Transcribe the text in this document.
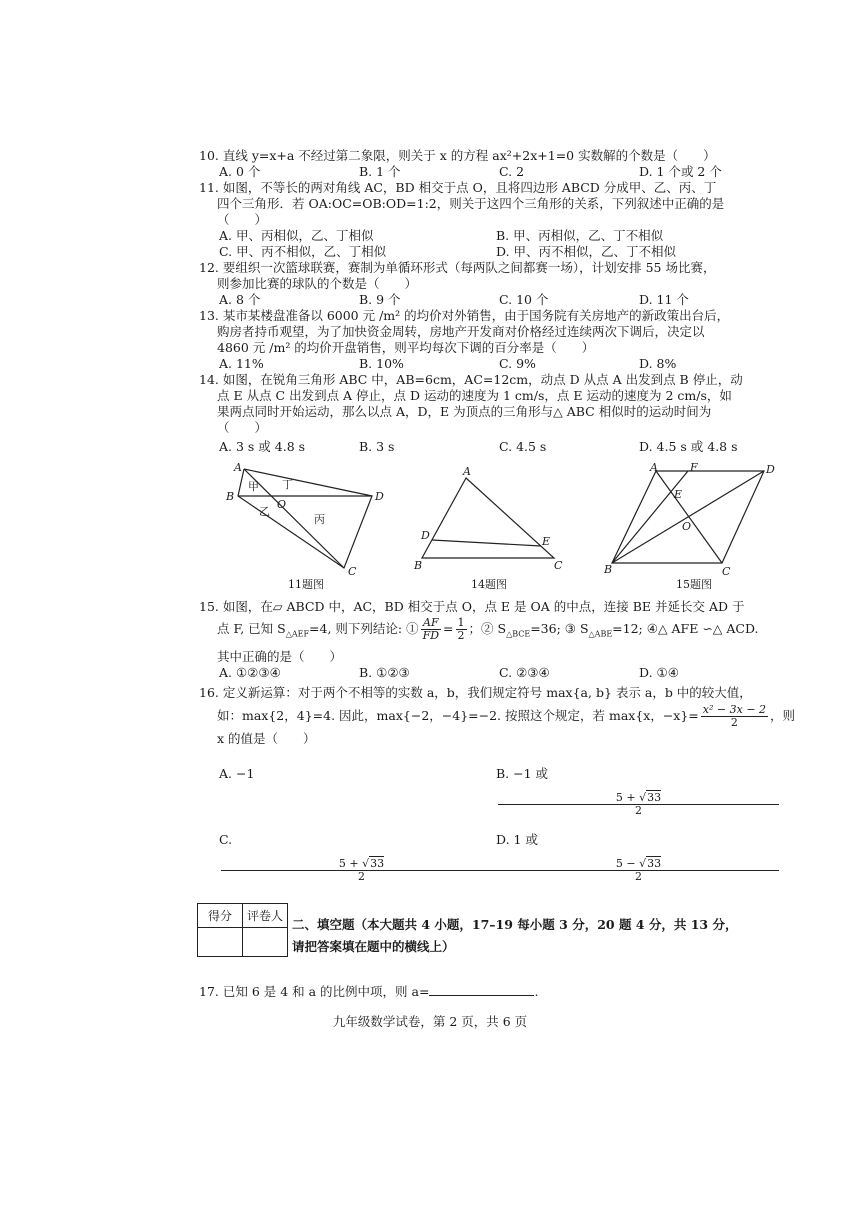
10. 直线 y=x+a 不经过第二象限，则关于 x 的方程 ax²+2x+1=0 实数解的个数是（　　）

A. 0 个	B. 1 个	C. 2	D. 1 个或 2 个

11. 如图，不等长的两对角线 AC，BD 相交于点 O，且将四边形 ABCD 分成甲、乙、丙、丁

四个三角形．若 OA:OC=OB:OD=1:2，则关于这四个三角形的关系，下列叙述中正确的是

（　　）

A. 甲、丙相似，乙、丁相似	B. 甲、丙相似，乙、丁不相似
C. 甲、丙不相似，乙、丁相似	D. 甲、丙不相似，乙、丁不相似

12. 要组织一次篮球联赛，赛制为单循环形式（每两队之间都赛一场），计划安排 55 场比赛，

则参加比赛的球队的个数是（　　）

A. 8 个	B. 9 个	C. 10 个	D. 11 个

13. 某市某楼盘准备以 6000 元 /m² 的均价对外销售，由于国务院有关房地产的新政策出台后，

购房者持币观望，为了加快资金周转，房地产开发商对价格经过连续两次下调后，决定以

4860 元 /m² 的均价开盘销售，则平均每次下调的百分率是（　　）

A. 11%	B. 10%	C. 9%	D. 8%

14. 如图，在锐角三角形 ABC 中，AB=6cm，AC=12cm，动点 D 从点 A 出发到点 B 停止，动

点 E 从点 C 出发到点 A 停止，点 D 运动的速度为 1 cm/s，点 E 运动的速度为 2 cm/s，如

果两点同时开始运动，那么以点 A，D，E 为顶点的三角形与△ ABC 相似时的运动时间为

（　　）

A. 3 s 或 4.8 s	B. 3 s	C. 4.5 s	D. 4.5 s 或 4.8 s
A
B
C
D
O
甲
乙
丙
丁
11题图
A
B	C
D	E
14题图
A
B	C
D
E
F
O
15题图

15. 如图，在▱ ABCD 中，AC，BD 相交于点 O，点 E 是 OA 的中点，连接 BE 并延长交 AD 于

点 F, 已知 $S_{\triangle AEF}=4$, 则下列结论: ① $\frac{AF}{FD} = \frac{1}{2}$ ；② $S_{\triangle BCE}=36$; ③ $S_{\triangle ABE}=12$; ④△ AFE ∽△ ACD.

其中正确的是（　　）

A. ①②③④	B. ①②③	C. ②③④	D. ①④

16. 定义新运算：对于两个不相等的实数 a，b，我们规定符号 max{a, b} 表示 a，b 中的较大值，

如：max{2，4}=4. 因此，max{−2，−4}=−2. 按照这个规定，若 max{x，$-x\}= \frac{\text{x² − 3x − 2}}{2}$ ，则

x 的值是（　　）

A. −1	B. −1 或
$\frac{5 + √33}{2}$
C.
$\frac{5 + √33}{2}$
D. 1 或
$\frac{5 - √33}{2}$
得分	评卷人

二、填空题（本大题共 4 小题，17–19 每小题 3 分，20 题 4 分，共 13 分，
请把答案填在题中的横线上）
17. 已知 6 是 4 和 a 的比例中项，则 a=	.
九年级数学试卷，第 2 页，共 6 页
